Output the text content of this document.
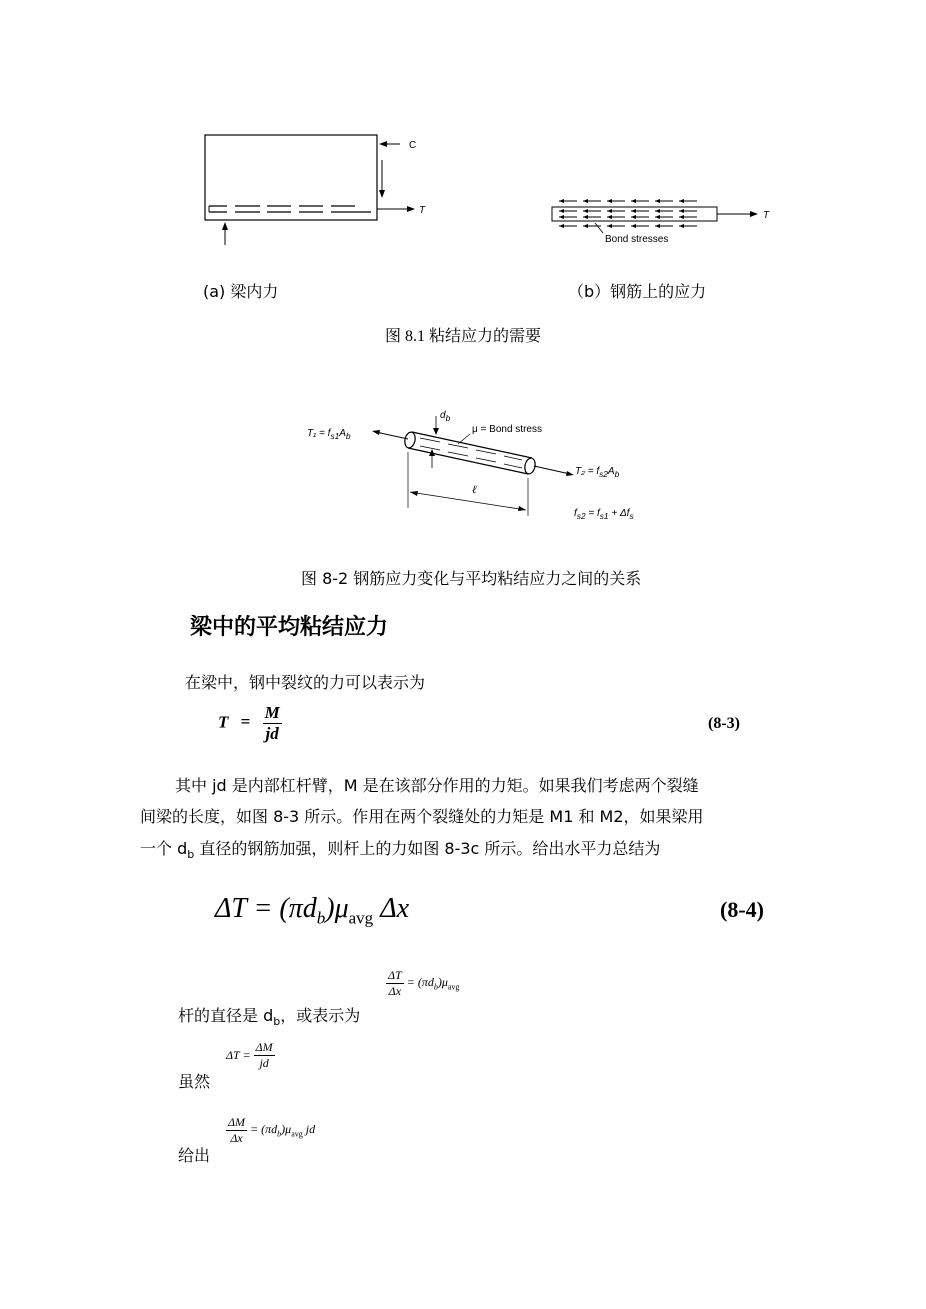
C
T	T
Bond stresses
(a) 梁内力	（b）钢筋上的应力
图 8.1 粘结应力的需要
$T_1 = f_{s1}A_b$
$d_b$
μ = Bond stress
$T_2 = f_{s2}A_b$
ℓ
$f_{s2} = f_{s1} + \Delta f_s$
图 8-2 钢筋应力变化与平均粘结应力之间的关系
梁中的平均粘结应力
在梁中，钢中裂纹的力可以表示为
$T = \frac{M}{jd}$	(8-3)
其中 jd 是内部杠杆臂，M 是在该部分作用的力矩。如果我们考虑两个裂缝
间梁的长度，如图 8-3 所示。作用在两个裂缝处的力矩是 M1 和 M2，如果梁用
一个 $d_b$ 直径的钢筋加强，则杆上的力如图 8-3c 所示。给出水平力总结为
$\Delta T = (\pi d_b)\mu_{avg}$ Δx	(8-4)
杆的直径是 $d_b$，或表示为
$\frac{\Delta T}{\Delta x} = (\pi d_b)\mu_{avg}$
虽然
$\Delta T = \frac{\Delta M}{jd}$
给出
$\frac{\Delta M}{\Delta x} = (\pi d_b)\mu_{avg}$ jd
